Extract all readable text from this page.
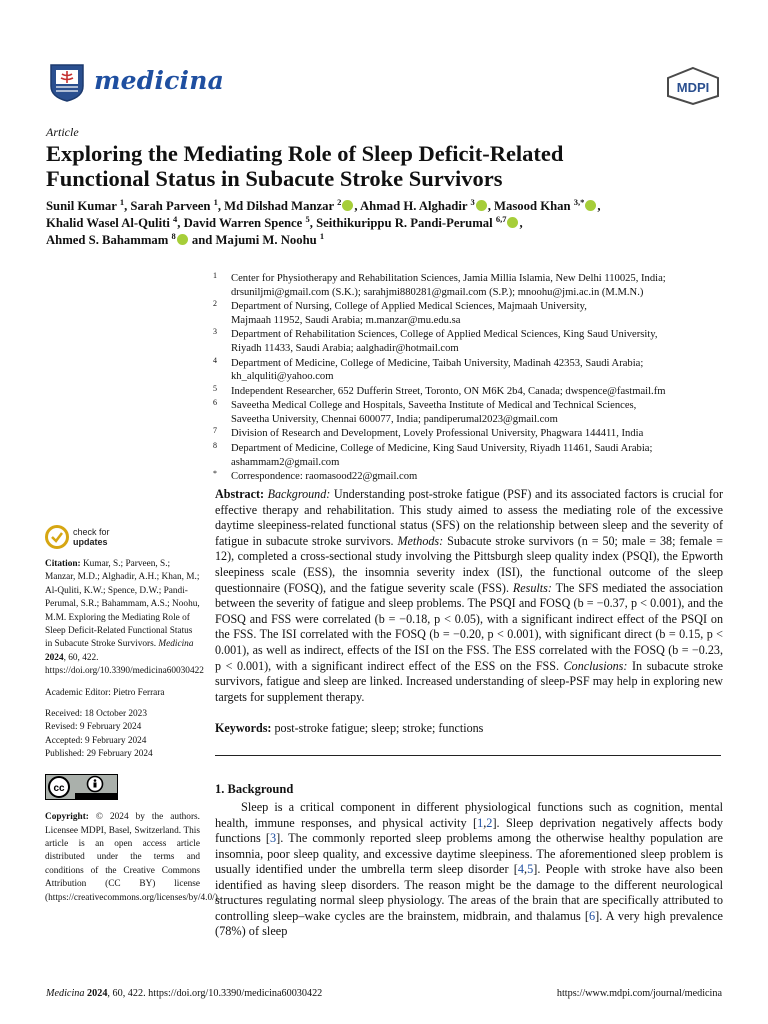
medicina	MDPI
Article
Exploring the Mediating Role of Sleep Deficit-Related
Functional Status in Subacute Stroke Survivors
Sunil Kumar $^1$, Sarah Parveen $^1$, Md Dilshad Manzar $^2$ , Ahmad H. Alghadir $^3$ , Masood Khan $^{3,*}$ ,
Khalid Wasel Al-Quliti $^4$, David Warren Spence $^5$, Seithikurippu R. Pandi-Perumal $^{6,7}$ ,
Ahmed S. Bahammam $^8$ and Majumi M. Noohu $^1$
1 Center for Physiotherapy and Rehabilitation Sciences, Jamia Millia Islamia, New Delhi 110025, India;
drsuniljmi@gmail.com (S.K.); sarahjmi880281@gmail.com (S.P.); mnoohu@jmi.ac.in (M.M.N.)
2 Department of Nursing, College of Applied Medical Sciences, Majmaah University,
Majmaah 11952, Saudi Arabia; m.manzar@mu.edu.sa
3 Department of Rehabilitation Sciences, College of Applied Medical Sciences, King Saud University,
Riyadh 11433, Saudi Arabia; aalghadir@hotmail.com
4 Department of Medicine, College of Medicine, Taibah University, Madinah 42353, Saudi Arabia;
kh_alquliti@yahoo.com
5 Independent Researcher, 652 Dufferin Street, Toronto, ON M6K 2b4, Canada; dwspence@fastmail.fm
6 Saveetha Medical College and Hospitals, Saveetha Institute of Medical and Technical Sciences,
Saveetha University, Chennai 600077, India; pandiperumal2023@gmail.com
7 Division of Research and Development, Lovely Professional University, Phagwara 144411, India
8 Department of Medicine, College of Medicine, King Saud University, Riyadh 11461, Saudi Arabia;
ashammam2@gmail.com
* Correspondence: raomasood22@gmail.com
check for
updates
Citation: Kumar, S.; Parveen, S.; Manzar, M.D.; Alghadir, A.H.; Khan, M.; Al-Quliti, K.W.; Spence, D.W.; Pandi-Perumal, S.R.; Bahammam, A.S.; Noohu, M.M. Exploring the Mediating Role of Sleep Deficit-Related Functional Status in Subacute Stroke Survivors. Medicina 2024, 60, 422. https://doi.org/10.3390/medicina60030422
Academic Editor: Pietro Ferrara
Received: 18 October 2023
Revised: 9 February 2024
Accepted: 9 February 2024
Published: 29 February 2024
cc
Copyright: © 2024 by the authors. Licensee MDPI, Basel, Switzerland. This article is an open access article distributed under the terms and conditions of the Creative Commons Attribution (CC BY) license (https://creativecommons.org/licenses/by/4.0/).
Abstract: Background: Understanding post-stroke fatigue (PSF) and its associated factors is crucial for effective therapy and rehabilitation. This study aimed to assess the mediating role of the excessive daytime sleepiness-related functional status (SFS) on the relationship between sleep and the severity of fatigue in subacute stroke survivors. Methods: Subacute stroke survivors (n = 50; male = 38; female = 12), completed a cross-sectional study involving the Pittsburgh sleep quality index (PSQI), the Epworth sleepiness scale (ESS), the insomnia severity index (ISI), the functional outcome of the sleep questionnaire (FOSQ), and the fatigue severity scale (FSS). Results: The SFS mediated the association between the severity of fatigue and sleep problems. The PSQI and FOSQ (b = −0.37, p < 0.001), and the FOSQ and FSS were correlated (b = −0.18, p < 0.05), with a significant indirect effect of the PSQI on the FSS. The ISI correlated with the FOSQ (b = −0.20, p < 0.001), with significant direct (b = 0.15, p < 0.001), as well as indirect, effects of the ISI on the FSS. The ESS correlated with the FOSQ (b = −0.23, p < 0.001), with a significant indirect effect of the ESS on the FSS. Conclusions: In subacute stroke survivors, fatigue and sleep are linked. Increased understanding of sleep-PSF may help in exploring new targets for supplement therapy.
Keywords: post-stroke fatigue; sleep; stroke; functions
1. Background
Sleep is a critical component in different physiological functions such as cognition, mental health, immune responses, and physical activity [1,2]. Sleep deprivation negatively affects body functions [3]. The commonly reported sleep problems among the otherwise healthy population are insomnia, poor sleep quality, and excessive daytime sleepiness. The aforementioned sleep problem is usually identified under the umbrella term sleep disorder [4,5]. People with stroke have also been identified as having sleep disorders. The reason might be the damage to the different neurological structures regulating normal sleep physiology. The areas of the brain that are specifically attributed to controlling sleep–wake cycles are the brainstem, midbrain, and thalamus [6]. A very high prevalence (78%) of sleep
Medicina 2024, 60, 422. https://doi.org/10.3390/medicina60030422	https://www.mdpi.com/journal/medicina
